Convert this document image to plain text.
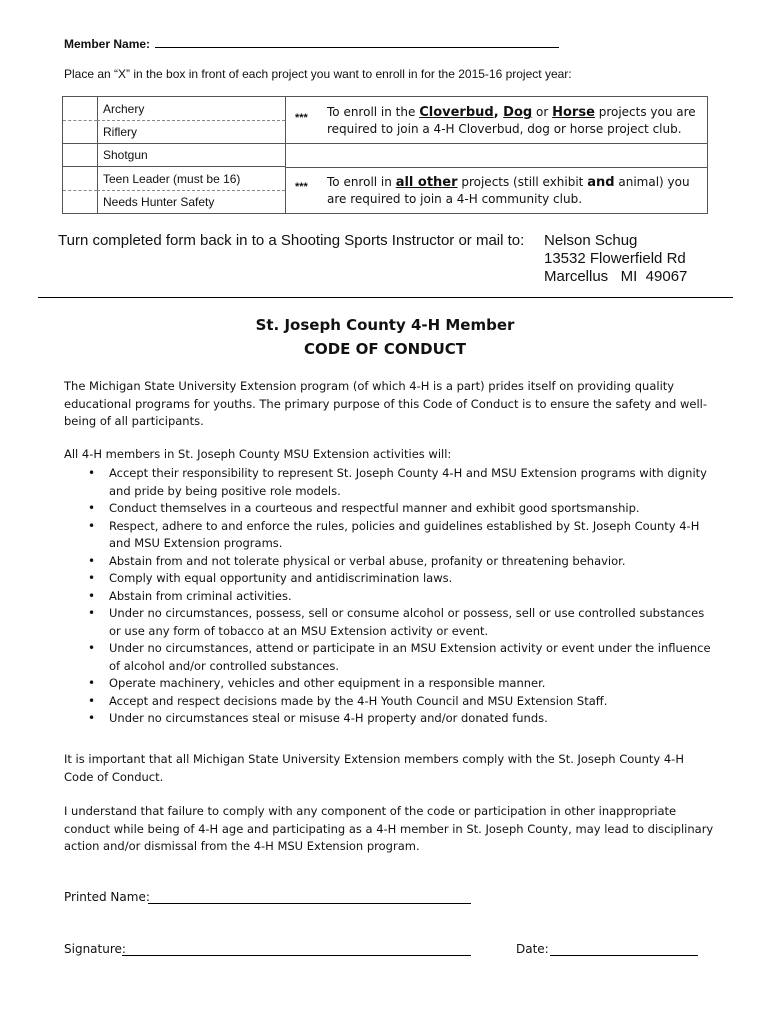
Member Name:
Place an “X” in the box in front of each project you want to enroll in for the 2015-16 project year:
Archery
Riflery
Shotgun
Teen Leader (must be 16)
Needs Hunter Safety
*** To enroll in the Cloverbud, Dog or Horse projects you are required to join a 4-H Cloverbud, dog or horse project club.
*** To enroll in all other projects (still exhibit and animal) you are required to join a 4-H community club.
Turn completed form back in to a Shooting Sports Instructor or mail to: Nelson Schug
13532 Flowerfield Rd
Marcellus   MI  49067
St. Joseph County 4-H Member
CODE OF CONDUCT
The Michigan State University Extension program (of which 4-H is a part) prides itself on providing quality educational programs for youths. The primary purpose of this Code of Conduct is to ensure the safety and well-being of all participants.
All 4-H members in St. Joseph County MSU Extension activities will:
• Accept their responsibility to represent St. Joseph County 4-H and MSU Extension programs with dignity and pride by being positive role models.
• Conduct themselves in a courteous and respectful manner and exhibit good sportsmanship.
• Respect, adhere to and enforce the rules, policies and guidelines established by St. Joseph County 4-H and MSU Extension programs.
• Abstain from and not tolerate physical or verbal abuse, profanity or threatening behavior.
• Comply with equal opportunity and antidiscrimination laws.
• Abstain from criminal activities.
• Under no circumstances, possess, sell or consume alcohol or possess, sell or use controlled substances or use any form of tobacco at an MSU Extension activity or event.
• Under no circumstances, attend or participate in an MSU Extension activity or event under the influence of alcohol and/or controlled substances.
• Operate machinery, vehicles and other equipment in a responsible manner.
• Accept and respect decisions made by the 4-H Youth Council and MSU Extension Staff.
• Under no circumstances steal or misuse 4-H property and/or donated funds.
It is important that all Michigan State University Extension members comply with the St. Joseph County 4-H Code of Conduct.
I understand that failure to comply with any component of the code or participation in other inappropriate conduct while being of 4-H age and participating as a 4-H member in St. Joseph County, may lead to disciplinary action and/or dismissal from the 4-H MSU Extension program.
Printed Name:
Signature:	Date:
